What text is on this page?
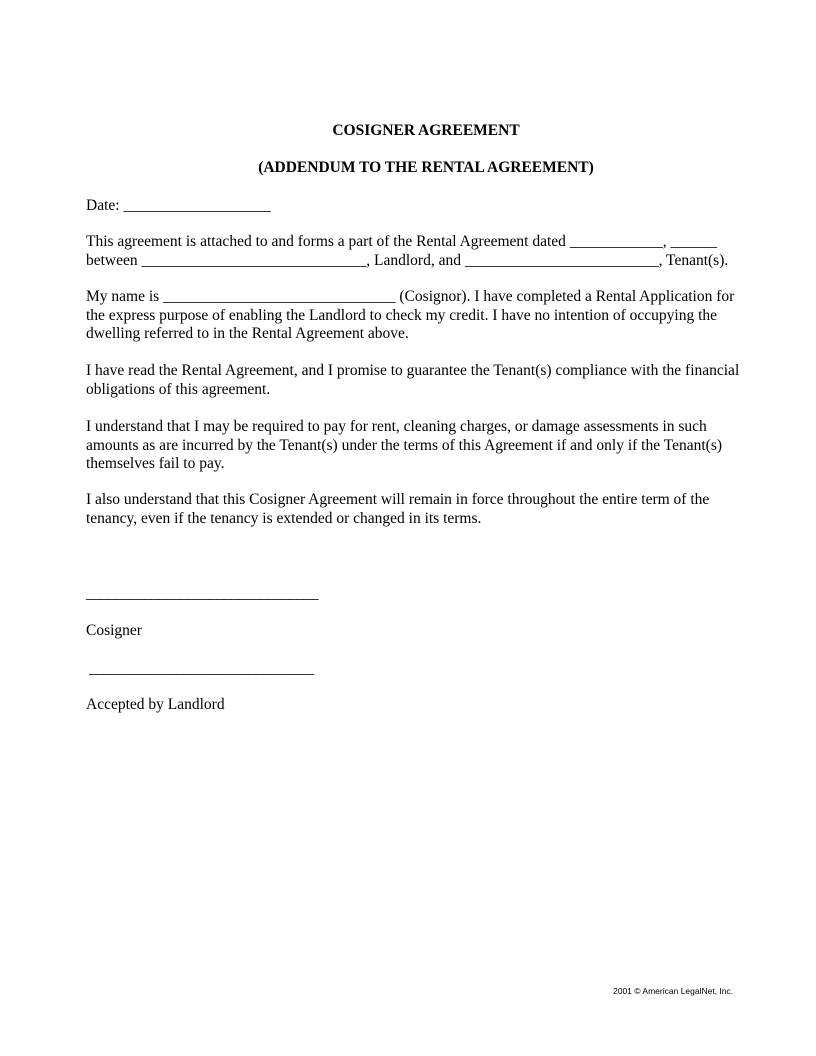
COSIGNER AGREEMENT
(ADDENDUM TO THE RENTAL AGREEMENT)
Date: ___________________
This agreement is attached to and forms a part of the Rental Agreement dated ____________, ______
between _____________________________, Landlord, and _________________________, Tenant(s).
My name is ______________________________ (Cosignor). I have completed a Rental Application for
the express purpose of enabling the Landlord to check my credit. I have no intention of occupying the
dwelling referred to in the Rental Agreement above.
I have read the Rental Agreement, and I promise to guarantee the Tenant(s) compliance with the financial
obligations of this agreement.
I understand that I may be required to pay for rent, cleaning charges, or damage assessments in such
amounts as are incurred by the Tenant(s) under the terms of this Agreement if and only if the Tenant(s)
themselves fail to pay.
I also understand that this Cosigner Agreement will remain in force throughout the entire term of the
tenancy, even if the tenancy is extended or changed in its terms.
________________________________
Cosigner
_______________________________
Accepted by Landlord
2001 © American LegalNet, Inc.
